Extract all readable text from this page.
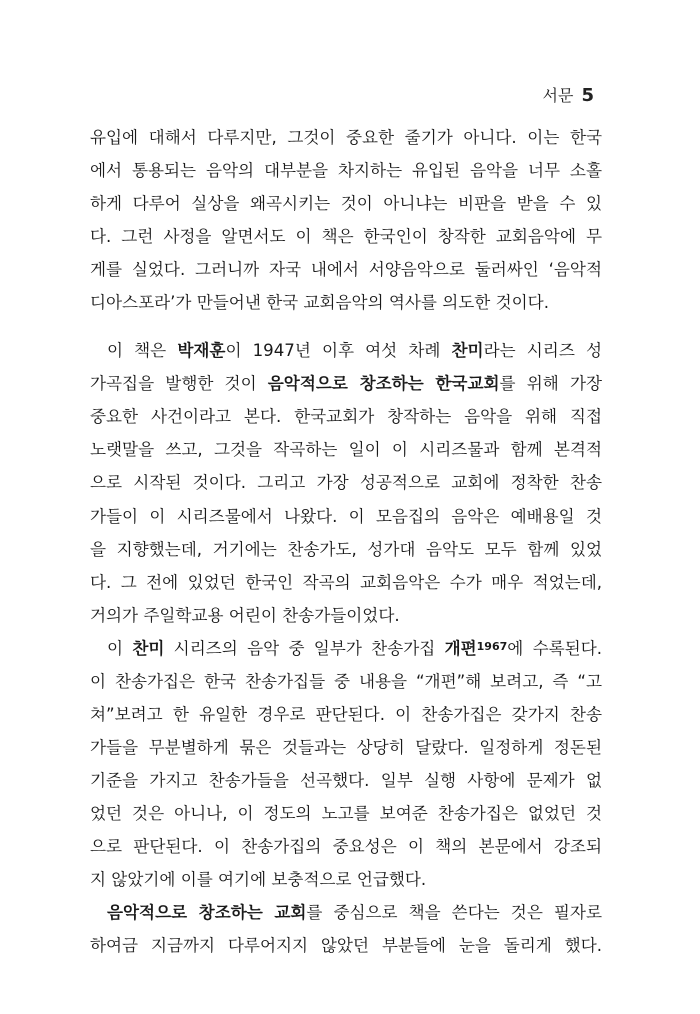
서문 5

유입에 대해서 다루지만, 그것이 중요한 줄기가 아니다. 이는 한국
에서 통용되는 음악의 대부분을 차지하는 유입된 음악을 너무 소홀
하게 다루어 실상을 왜곡시키는 것이 아니냐는 비판을 받을 수 있
다. 그런 사정을 알면서도 이 책은 한국인이 창작한 교회음악에 무
게를 실었다. 그러니까 자국 내에서 서양음악으로 둘러싸인 ‘음악적
디아스포라’가 만들어낸 한국 교회음악의 역사를 의도한 것이다.

이 책은 박재훈이 1947년 이후 여섯 차례 찬미라는 시리즈 성
가곡집을 발행한 것이 음악적으로 창조하는 한국교회를 위해 가장
중요한 사건이라고 본다. 한국교회가 창작하는 음악을 위해 직접
노랫말을 쓰고, 그것을 작곡하는 일이 이 시리즈물과 함께 본격적
으로 시작된 것이다. 그리고 가장 성공적으로 교회에 정착한 찬송
가들이 이 시리즈물에서 나왔다. 이 모음집의 음악은 예배용일 것
을 지향했는데, 거기에는 찬송가도, 성가대 음악도 모두 함께 있었
다. 그 전에 있었던 한국인 작곡의 교회음악은 수가 매우 적었는데,
거의가 주일학교용 어린이 찬송가들이었다.

이 찬미 시리즈의 음악 중 일부가 찬송가집 개편$^{1967}$에 수록된다.
이 찬송가집은 한국 찬송가집들 중 내용을 “개편”해 보려고, 즉 “고
쳐”보려고 한 유일한 경우로 판단된다. 이 찬송가집은 갖가지 찬송
가들을 무분별하게 묶은 것들과는 상당히 달랐다. 일정하게 정돈된
기준을 가지고 찬송가들을 선곡했다. 일부 실행 사항에 문제가 없
었던 것은 아니나, 이 정도의 노고를 보여준 찬송가집은 없었던 것
으로 판단된다. 이 찬송가집의 중요성은 이 책의 본문에서 강조되
지 않았기에 이를 여기에 보충적으로 언급했다.

음악적으로 창조하는 교회를 중심으로 책을 쓴다는 것은 필자로
하여금 지금까지 다루어지지 않았던 부분들에 눈을 돌리게 했다.
